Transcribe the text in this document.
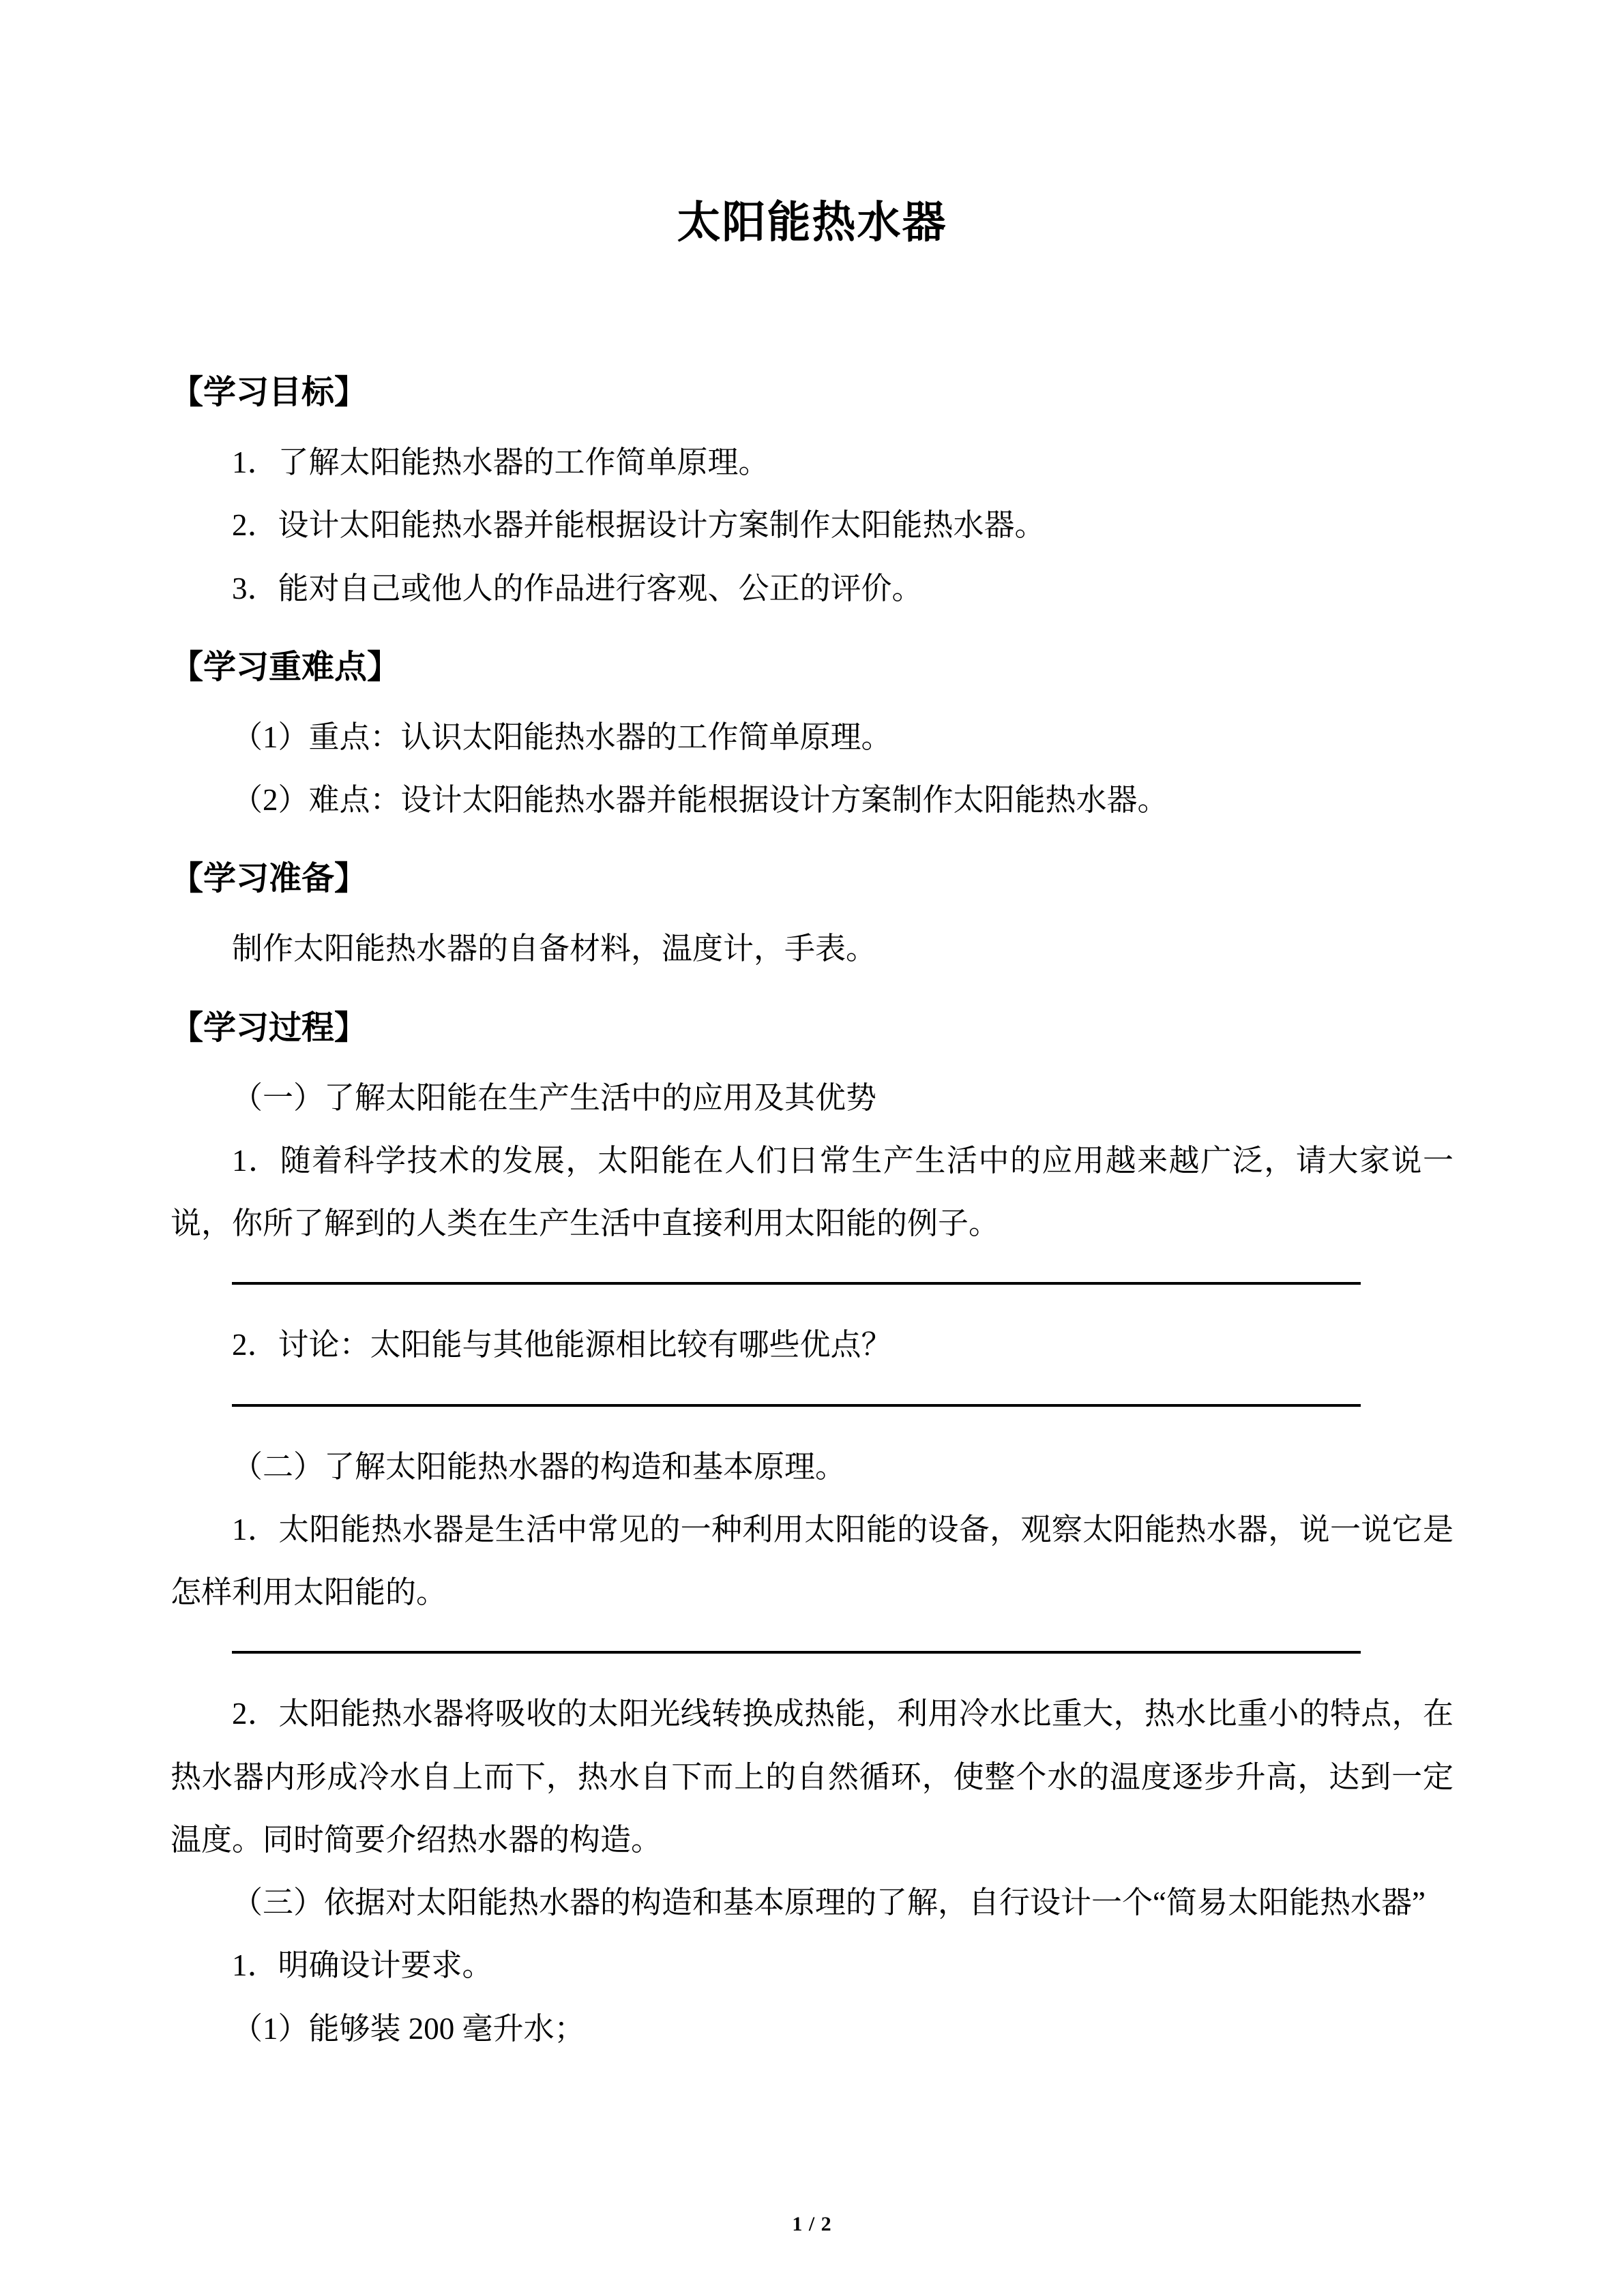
太阳能热水器
【学习目标】
1．了解太阳能热水器的工作简单原理。
2．设计太阳能热水器并能根据设计方案制作太阳能热水器。
3．能对自己或他人的作品进行客观、公正的评价。
【学习重难点】
（1）重点：认识太阳能热水器的工作简单原理。
（2）难点：设计太阳能热水器并能根据设计方案制作太阳能热水器。
【学习准备】
制作太阳能热水器的自备材料，温度计，手表。
【学习过程】
（一）了解太阳能在生产生活中的应用及其优势
1．随着科学技术的发展，太阳能在人们日常生产生活中的应用越来越广泛，请大家说一说，你所了解到的人类在生产生活中直接利用太阳能的例子。
2．讨论：太阳能与其他能源相比较有哪些优点？
（二）了解太阳能热水器的构造和基本原理。
1．太阳能热水器是生活中常见的一种利用太阳能的设备，观察太阳能热水器，说一说它是怎样利用太阳能的。
2．太阳能热水器将吸收的太阳光线转换成热能，利用冷水比重大，热水比重小的特点，在热水器内形成冷水自上而下，热水自下而上的自然循环，使整个水的温度逐步升高，达到一定温度。同时简要介绍热水器的构造。
（三）依据对太阳能热水器的构造和基本原理的了解，自行设计一个“简易太阳能热水器”
1．明确设计要求。
（1）能够装 200 毫升水；
1 / 2
